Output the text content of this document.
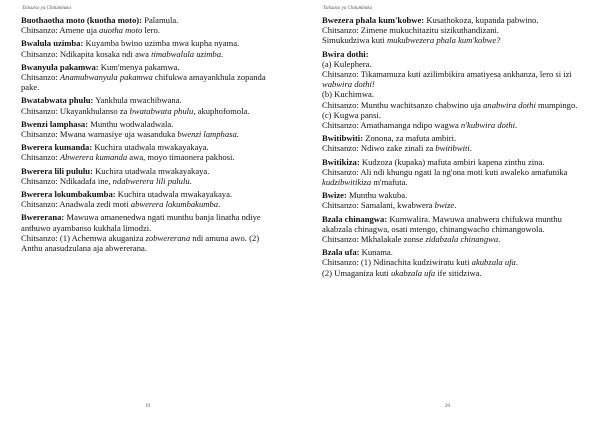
Tsitsutso ya Chitumbuka
Buothaotha moto (kuotha moto): Palamula.
Chitsanzo: Amene uja auotha moto lero.
Bwalula uzimba: Kuyamba bwino uzimba mwa kupha nyama.
Chitsanzo: Ndikapita kosaka ndi awa timabwalula uzimba.
Bwanyula pakamwa: Kum'menya pakamwa.
Chitsanzo: Anamubwanyula pakamwa chifukwa amayankhula zopanda pake.
Bwatabwata phulu: Yankhula mwachibwana.
Chitsanzo: Ukayankhulanso za bwatabwata phulu, akuphofomola.
Bwenzi lamphasa: Munthu wodwaladwala.
Chitsanzo: Mwana wamasiye uja wasanduka bwenzi lamphasa.
Bwerera kumanda: Kuchira utadwala mwakayakaya.
Chitsanzo: Abwerera kumanda awa, moyo timaonera pakhosi.
Bwerera lili pululu: Kuchira utadwala mwakayakaya.
Chitsanzo: Ndikadafa ine, ndabwerera lili pululu.
Bwerera lokumbakumba: Kuchira utadwala mwakayakaya.
Chitsanzo: Anadwala zedi moti abwerera lokumbakumba.
Bwererana: Mawuwa amanenedwa ngati munthu banja linatha ndiye anthuwo ayambanso kukhala limodzi.
Chitsanzo: (1) Achemwa akuganiza zobwererana ndi amuna awo. (2) Anthu anasudzulana aja abwererana.
19
Tsitsutso ya Chitumbuka
Bwezera phala kum'kobwe: Kusathokoza, kupanda pabwino.
Chitsanzo: Zimene mukuchitazitu sizikuthandizani.
Simukudziwa kuti mukubwezera phala kum'kobwe?
Bwira dothi:
(a) Kulephera.
Chitsanzo: Tikamamuza kuti azilimbikira amatiyesa ankhanza, lero si izi wabwira dothi!
(b) Kuchimwa.
Chitsanzo: Munthu wachitsanzo chabwino uja anabwira dothi mumpingo.
(c) Kugwa pansi.
Chitsanzo: Amathamanga ndipo wagwa n'kubwira dothi.
Bwitibwiti: Zonona, za mafuta ambiri.
Chitsanzo: Ndiwo zake zinali za bwitibwiti.
Bwitikiza: Kudzoza (kupaka) mafuta ambiri kapena zinthu zina.
Chitsanzo: Ali ndi khungu ngati la ng'ona moti kuti awaleko amafunika kudzibwitikiza m'mafuta.
Bwize: Munthu wakuba.
Chitsanzo: Samalani, kwabwera bwize.
Bzala chinangwa: Kumwalira. Mawuwa anabwera chifukwa munthu akabzala chinagwa, osati mtengo, chinangwacho chimangowola.
Chitsanzo: Mkhalakale zonse zidabzala chinangwa.
Bzala ufa: Kunama.
Chitsanzo: (1) Ndinachita kudziwiratu kuti akubzala ufa.
(2) Umaganiza kuti ukabzala ufa ife sitidziwa.
20
